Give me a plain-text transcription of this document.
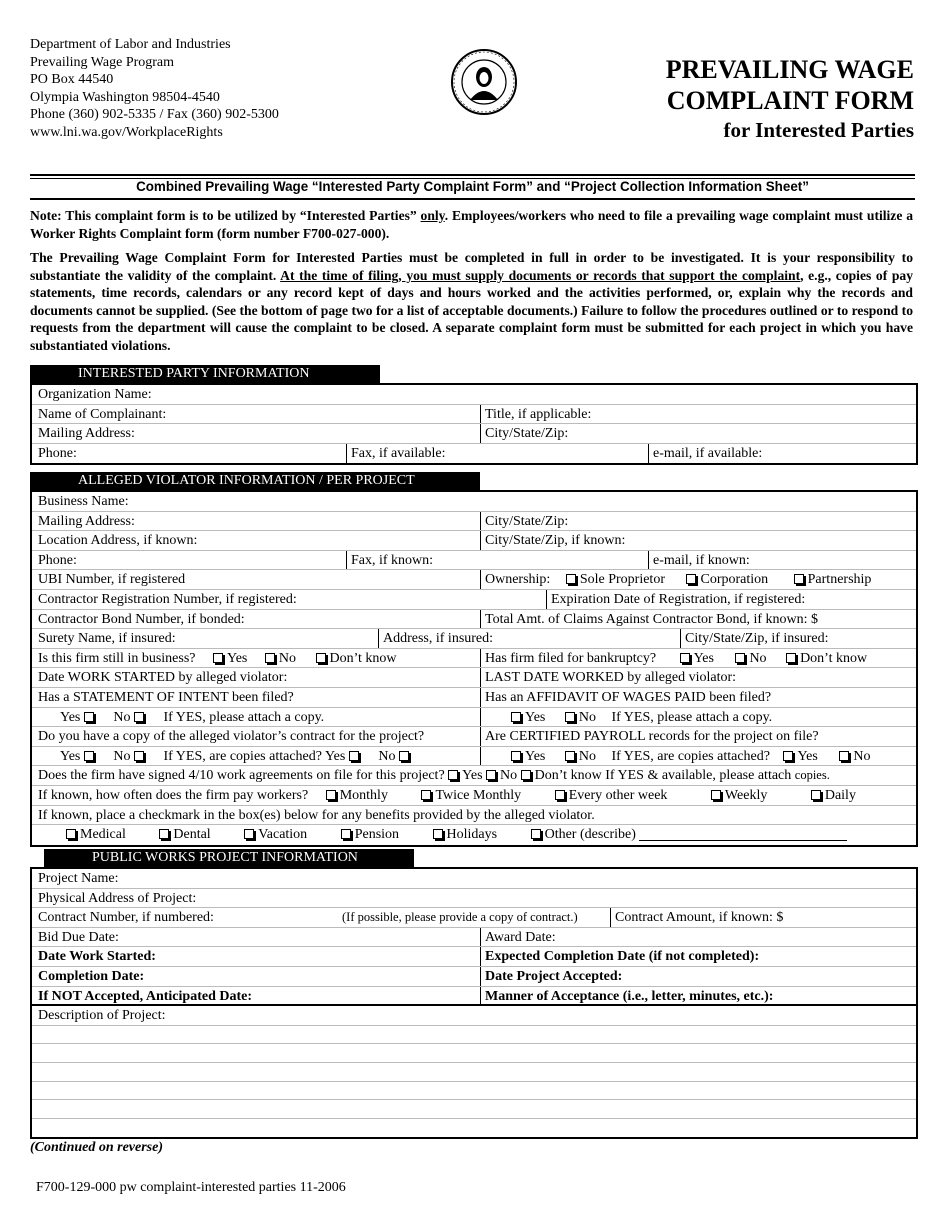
Department of Labor and Industries
Prevailing Wage Program
PO Box 44540
Olympia Washington 98504-4540
Phone (360) 902-5335 / Fax (360) 902-5300
www.lni.wa.gov/WorkplaceRights
PREVAILING WAGE
COMPLAINT FORM
for Interested Parties
Combined Prevailing Wage “Interested Party Complaint Form” and “Project Collection Information Sheet”
Note: This complaint form is to be utilized by “Interested Parties” only. Employees/workers who need to file a prevailing wage complaint must utilize a Worker Rights Complaint form (form number F700-027-000).
The Prevailing Wage Complaint Form for Interested Parties must be completed in full in order to be investigated. It is your responsibility to substantiate the validity of the complaint. At the time of filing, you must supply documents or records that support the complaint, e.g., copies of pay statements, time records, calendars or any record kept of days and hours worked and the activities performed, or, explain why the records and documents cannot be supplied. (See the bottom of page two for a list of acceptable documents.) Failure to follow the procedures outlined or to respond to requests from the department will cause the complaint to be closed. A separate complaint form must be submitted for each project in which you have substantiated violations.
INTERESTED PARTY INFORMATION
Organization Name:
Name of Complainant:	Title, if applicable:
Mailing Address:	City/State/Zip:
Phone:	Fax, if available:	e-mail, if available:
ALLEGED VIOLATOR INFORMATION / PER PROJECT
Business Name:
Mailing Address:	City/State/Zip:
Location Address, if known:	City/State/Zip, if known:
Phone:	Fax, if known:	e-mail, if known:
UBI Number, if registered	Ownership: Sole Proprietor	Corporation	Partnership
Contractor Registration Number, if registered:	Expiration Date of Registration, if registered:
Contractor Bond Number, if bonded:	Total Amt. of Claims Against Contractor Bond, if known: $
Surety Name, if insured:	Address, if insured:	City/State/Zip, if insured:
Is this firm still in business? Yes No Don’t know	Has firm filed for bankruptcy?	Yes	No Don’t know
Date WORK STARTED by alleged violator:	LAST DATE WORKED by alleged violator:
Has a STATEMENT OF INTENT been filed?	Has an AFFIDAVIT OF WAGES PAID been filed?
Yes No If YES, please attach a copy.	Yes No If YES, please attach a copy.
Do you have a copy of the alleged violator’s contract for the project?	Are CERTIFIED PAYROLL records for the project on file?
Yes No If YES, are copies attached? Yes No	Yes No If YES, are copies attached? Yes	No
Does the firm have signed 4/10 work agreements on file for this project? Yes No Don’t know If YES & available, please attach copies.
If known, how often does the firm pay workers? Monthly	Twice Monthly	Every other week	Weekly	Daily
If known, place a checkmark in the box(es) below for any benefits provided by the alleged violator.
Medical	Dental	Vacation	Pension	Holidays	Other (describe)
PUBLIC WORKS PROJECT INFORMATION
Project Name:
Physical Address of Project:
Contract Number, if numbered:	(If possible, please provide a copy of contract.)	Contract Amount, if known: $
Bid Due Date:	Award Date:
Date Work Started:	Expected Completion Date (if not completed):
Completion Date:	Date Project Accepted:
If NOT Accepted, Anticipated Date:	Manner of Acceptance (i.e., letter, minutes, etc.):
Description of Project:
(Continued on reverse)
F700-129-000 pw complaint-interested parties 11-2006
